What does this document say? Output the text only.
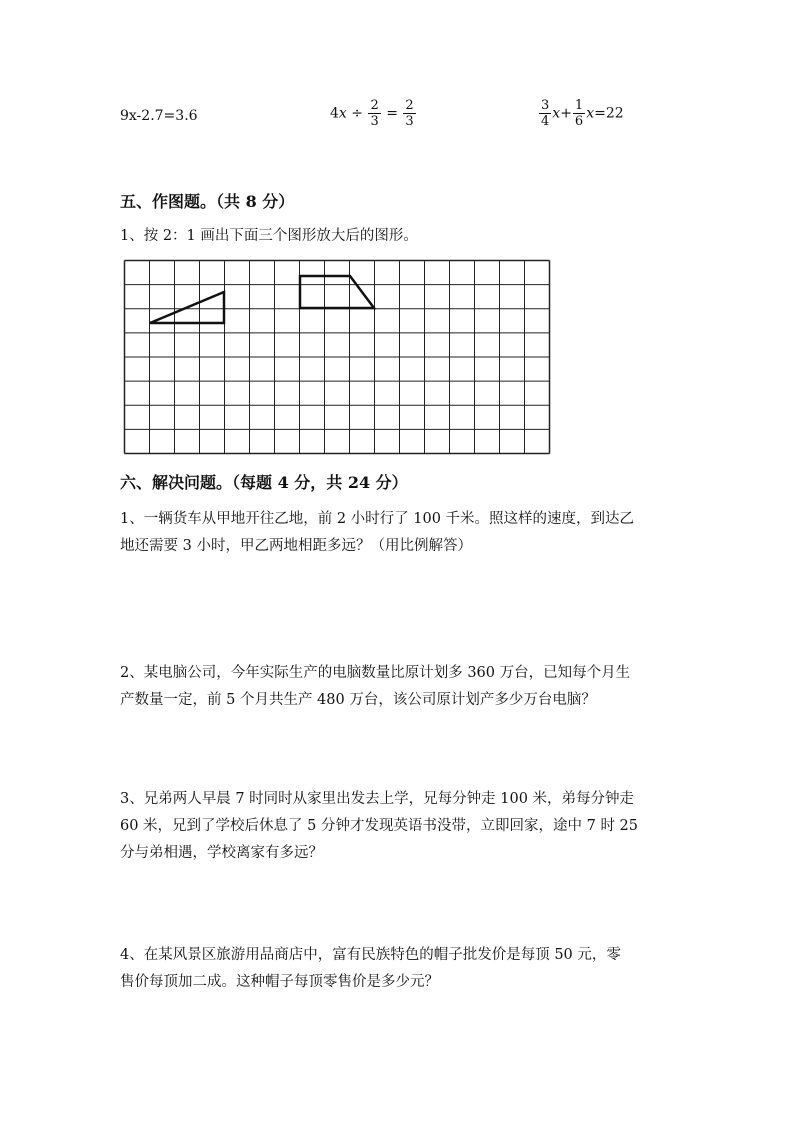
9x-2.7=3.6	$4x \div \frac{2}{3} = \frac{2}{3}$	$\frac{3}{4} x+ \frac{1}{6} x=22$
五、作图题。（共 8 分）
1、按 2：1 画出下面三个图形放大后的图形。
六、解决问题。（每题 4 分，共 24 分）
1、一辆货车从甲地开往乙地，前 2 小时行了 100 千米。照这样的速度，到达乙
地还需要 3 小时，甲乙两地相距多远？（用比例解答）
2、某电脑公司，今年实际生产的电脑数量比原计划多 360 万台，已知每个月生
产数量一定，前 5 个月共生产 480 万台，该公司原计划产多少万台电脑？
3、兄弟两人早晨 7 时同时从家里出发去上学，兄每分钟走 100 米，弟每分钟走
60 米，兄到了学校后休息了 5 分钟才发现英语书没带，立即回家，途中 7 时 25
分与弟相遇，学校离家有多远？
4、在某风景区旅游用品商店中，富有民族特色的帽子批发价是每顶 50 元，零
售价每顶加二成。这种帽子每顶零售价是多少元？
